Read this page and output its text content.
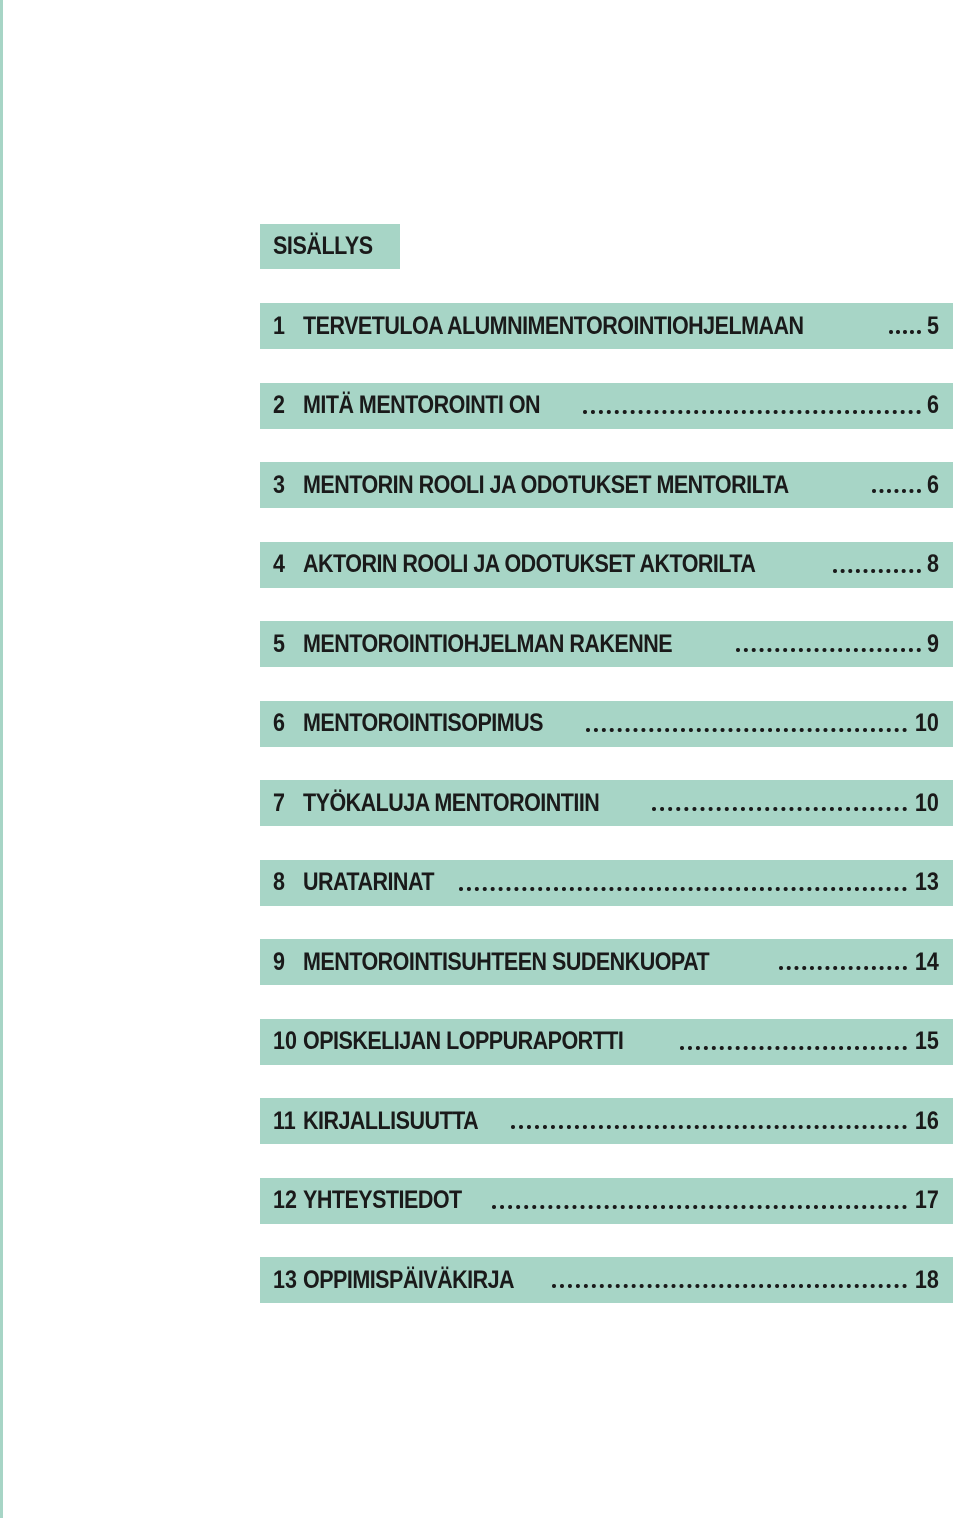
SISÄLLYS
1 TERVETULOA ALUMNIMENTOROINTIOHJELMAAN	5
2 MITÄ MENTOROINTI ON	6
3 MENTORIN ROOLI JA ODOTUKSET MENTORILTA	6
4 AKTORIN ROOLI JA ODOTUKSET AKTORILTA	8
5 MENTOROINTIOHJELMAN RAKENNE	9
6 MENTOROINTISOPIMUS	10
7 TYÖKALUJA MENTOROINTIIN	10
8 URATARINAT	13
9 MENTOROINTISUHTEEN SUDENKUOPAT	14
10 OPISKELIJAN LOPPURAPORTTI	15
11 KIRJALLISUUTTA	16
12 YHTEYSTIEDOT	17
13 OPPIMISPÄIVÄKIRJA	18
